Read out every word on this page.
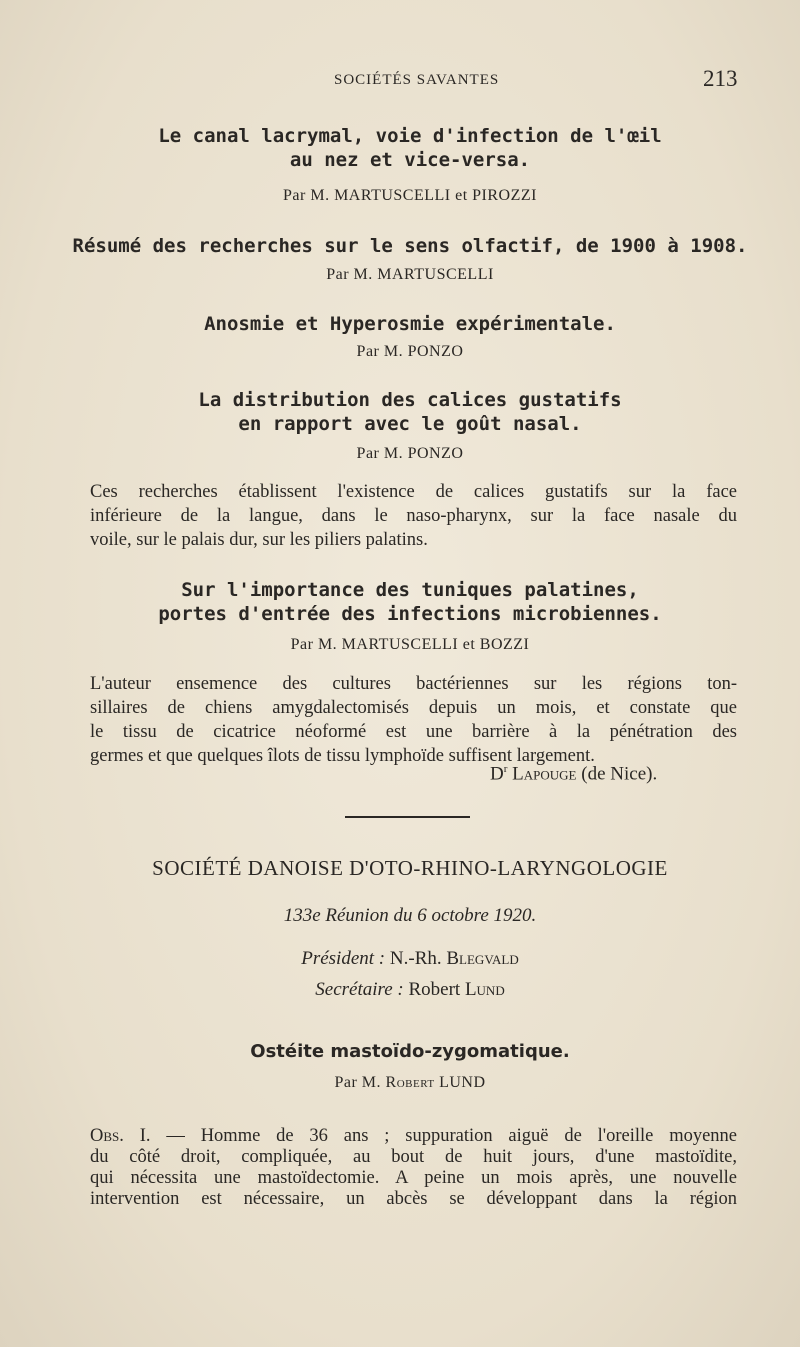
SOCIÉTÉS SAVANTES	213
Le canal lacrymal, voie d'infection de l'œil
au nez et vice-versa.
Par M. MARTUSCELLI et PIROZZI
Résumé des recherches sur le sens olfactif, de 1900 à 1908.
Par M. MARTUSCELLI
Anosmie et Hyperosmie expérimentale.
Par M. PONZO
La distribution des calices gustatifs
en rapport avec le goût nasal.
Par M. PONZO
Ces recherches établissent l'existence de calices gustatifs sur la face
inférieure de la langue, dans le naso-pharynx, sur la face nasale du
voile, sur le palais dur, sur les piliers palatins.
Sur l'importance des tuniques palatines,
portes d'entrée des infections microbiennes.
Par M. MARTUSCELLI et BOZZI
L'auteur ensemence des cultures bactériennes sur les régions ton-
sillaires de chiens amygdalectomisés depuis un mois, et constate que
le tissu de cicatrice néoformé est une barrière à la pénétration des
germes et que quelques îlots de tissu lymphoïde suffisent largement.
$D^r$ Lapouge (de Nice).
SOCIÉTÉ DANOISE D'OTO-RHINO-LARYNGOLOGIE
133e Réunion du 6 octobre 1920.
Président : N.-Rh. Blegvald
Secrétaire : Robert Lund
Ostéite mastoïdo-zygomatique.
Par M. Robert LUND
Obs. I. — Homme de 36 ans ; suppuration aiguë de l'oreille moyenne
du côté droit, compliquée, au bout de huit jours, d'une mastoïdite,
qui nécessita une mastoïdectomie. A peine un mois après, une nouvelle
intervention est nécessaire, un abcès se développant dans la région
